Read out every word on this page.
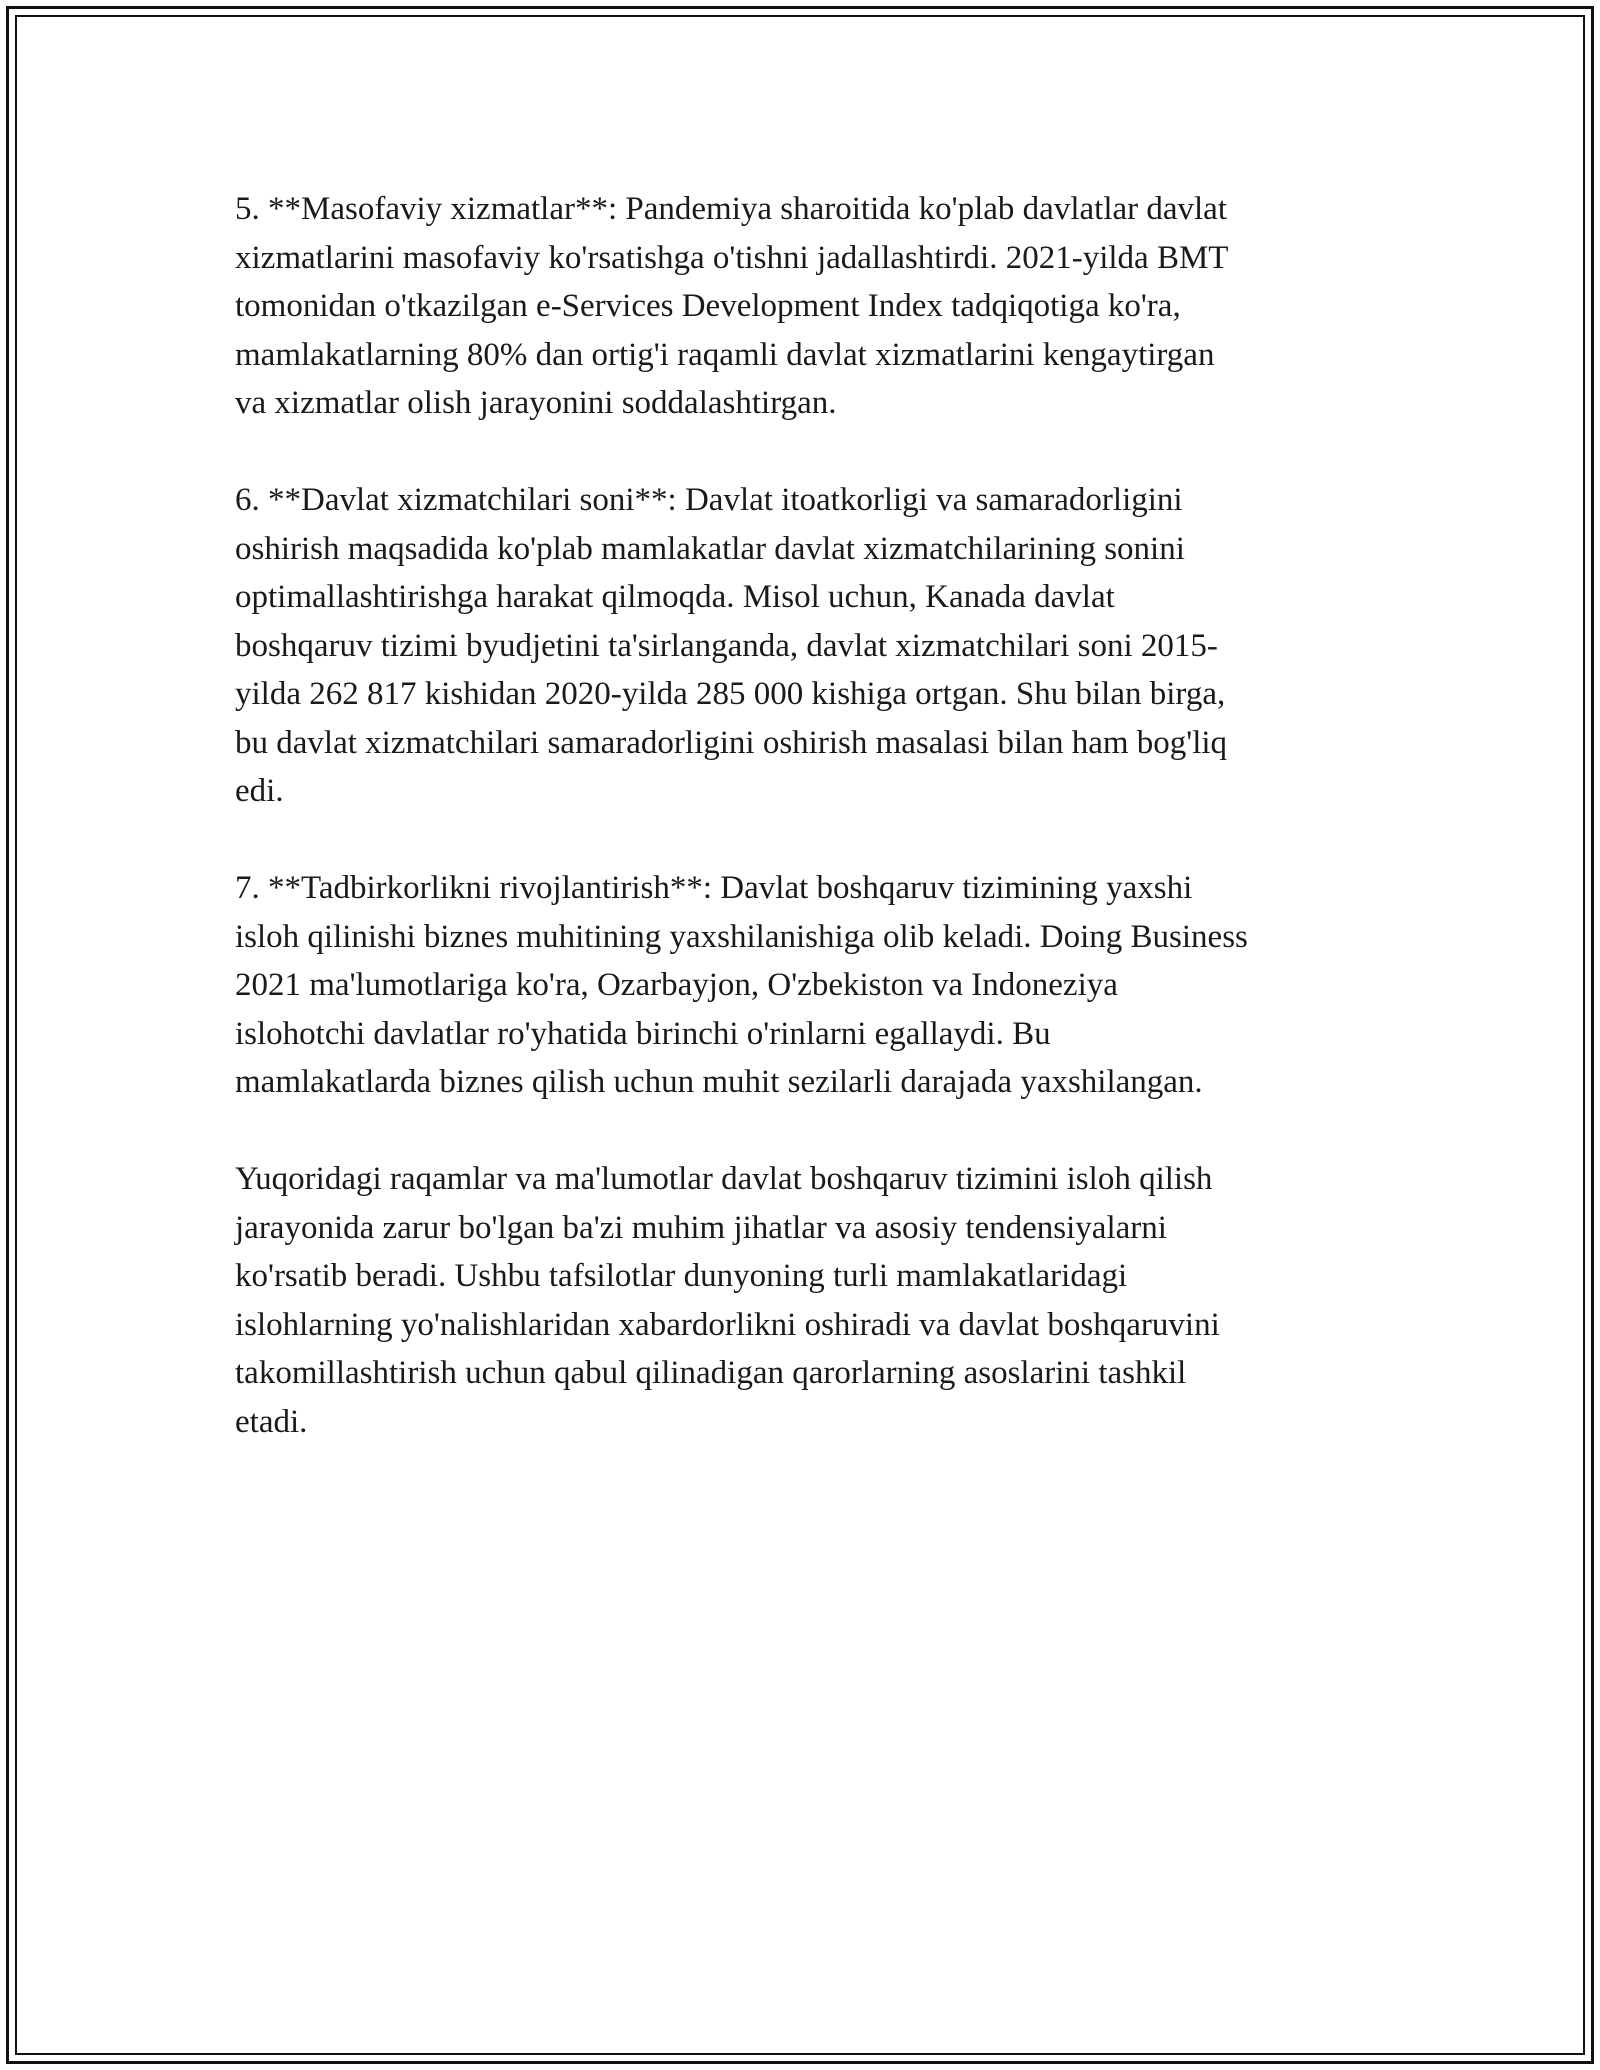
5. **Masofaviy xizmatlar**: Pandemiya sharoitida ko'plab davlatlar davlat
xizmatlarini masofaviy ko'rsatishga o'tishni jadallashtirdi. 2021-yilda BMT
tomonidan o'tkazilgan e-Services Development Index tadqiqotiga ko'ra,
mamlakatlarning 80% dan ortig'i raqamli davlat xizmatlarini kengaytirgan
va xizmatlar olish jarayonini soddalashtirgan.

6. **Davlat xizmatchilari soni**: Davlat itoatkorligi va samaradorligini
oshirish maqsadida ko'plab mamlakatlar davlat xizmatchilarining sonini
optimallashtirishga harakat qilmoqda. Misol uchun, Kanada davlat
boshqaruv tizimi byudjetini ta'sirlanganda, davlat xizmatchilari soni 2015-
yilda 262 817 kishidan 2020-yilda 285 000 kishiga ortgan. Shu bilan birga,
bu davlat xizmatchilari samaradorligini oshirish masalasi bilan ham bog'liq
edi.

7. **Tadbirkorlikni rivojlantirish**: Davlat boshqaruv tizimining yaxshi
isloh qilinishi biznes muhitining yaxshilanishiga olib keladi. Doing Business
2021 ma'lumotlariga ko'ra, Ozarbayjon, O'zbekiston va Indoneziya
islohotchi davlatlar ro'yhatida birinchi o'rinlarni egallaydi. Bu
mamlakatlarda biznes qilish uchun muhit sezilarli darajada yaxshilangan.

Yuqoridagi raqamlar va ma'lumotlar davlat boshqaruv tizimini isloh qilish
jarayonida zarur bo'lgan ba'zi muhim jihatlar va asosiy tendensiyalarni
ko'rsatib beradi. Ushbu tafsilotlar dunyoning turli mamlakatlaridagi
islohlarning yo'nalishlaridan xabardorlikni oshiradi va davlat boshqaruvini
takomillashtirish uchun qabul qilinadigan qarorlarning asoslarini tashkil
etadi.
